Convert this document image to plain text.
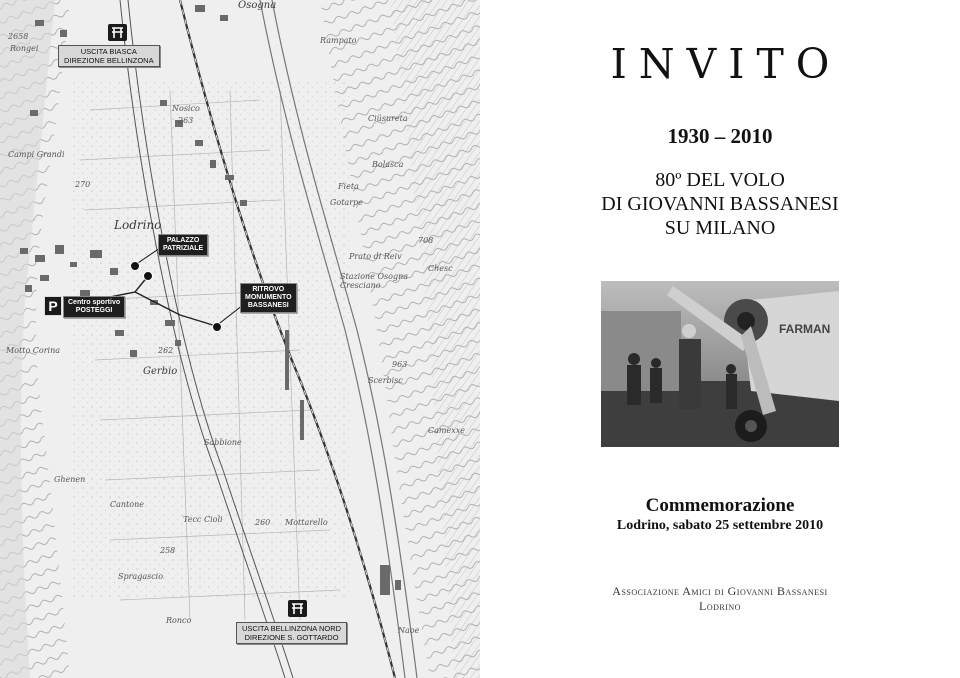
Osogna
2658
Rongei
Rampato
Nosico
263	Ciüsureta
Campi Grandi
Bolasca
270	Fieta
Gotarpe
Lodrino
708
Prato di Reiv
Stazione Osogna Cresciano
Chesc
Motto Corina	262
Gerbio
Scerbisc
963
Sabbione
Camexxe
Ghenen
Cantone
Tecc Cioli	260 Mottarello
258
Spragascio
Ronco
Naoe
USCITA BIASCA
DIREZIONE BELLINZONA
PALAZZO
PATRIZIALE
P	Centro sportivo
POSTEGGI
RITROVO
MONUMENTO
BASSANESI
USCITA BELLINZONA NORD
DIREZIONE S. GOTTARDO
INVITO
1930 – 2010
80º DEL VOLO
DI GIOVANNI BASSANESI
SU MILANO
FARMAN
Commemorazione
Lodrino, sabato 25 settembre 2010
Associazione Amici di Giovanni Bassanesi
Lodrino
